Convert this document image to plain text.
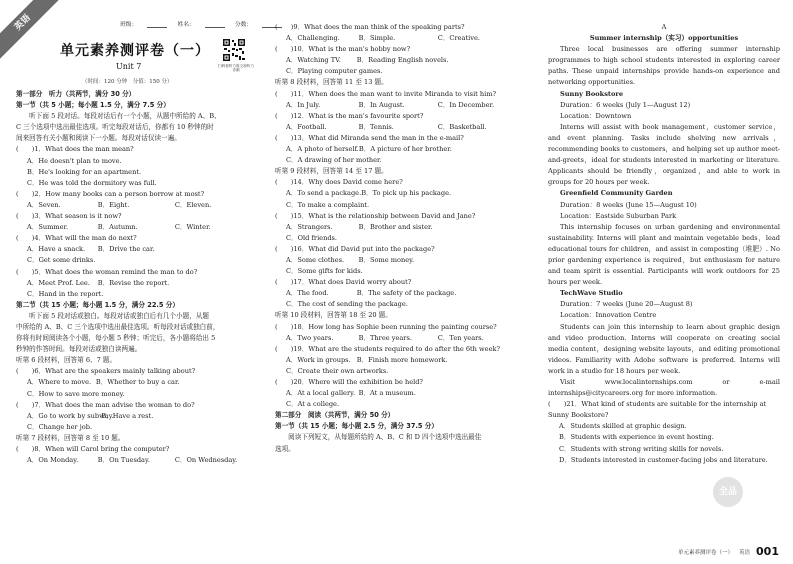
英语	班级：	姓名：	分数：
单元素养测评卷（一）
Unit 7
（时间：120 分钟　分值：150 分）
扫码看听力原文和听力音频
第一部分　听力（共两节，满分 30 分）
第一节（共 5 小题；每小题 1.5 分，满分 7.5 分）
　　听下面 5 段对话。每段对话后有一个小题，从题中所给的 A、B、
C 三个选项中选出最佳选项。听完每段对话后，你都有 10 秒钟的时
间来回答有关小题和阅读下一小题。每段对话仅读一遍。
(　　)1．What does the man mean?
A．He doesn't plan to move.
B．He's looking for an apartment.
C．He was told the dormitory was full.
(　　)2．How many books can a person borrow at most?
A．Seven.	B．Eight.	C．Eleven.
(　　)3．What season is it now?
A．Summer.	B．Autumn.	C．Winter.
(　　)4．What will the man do next?
A．Have a snack.	B．Drive the car.
C．Get some drinks.
(　　)5．What does the woman remind the man to do?
A．Meet Prof. Lee.	B．Revise the report.
C．Hand in the report.
第二节（共 15 小题；每小题 1.5 分，满分 22.5 分）
　　听下面 5 段对话或独白。每段对话或独白后有几个小题，从题
中所给的 A、B、C 三个选项中选出最佳选项。听每段对话或独白前，
你将有时间阅读各个小题，每小题 5 秒钟；听完后，各小题将给出 5
秒钟的作答时间。每段对话或独白读两遍。
听第 6 段材料，回答第 6、7 题。
(　　)6．What are the speakers mainly talking about?
A．Where to move. B．Whether to buy a car.
C．How to save more money.
(　　)7．What does the man advise the woman to do?
A．Go to work by subway.
B．Have a rest.
C．Change her job.
听第 7 段材料，回答第 8 至 10 题。
(　　)8．When will Carol bring the computer?
A．On Monday.	B．On Tuesday.	C．On Wednesday.
(　　)9．What does the man think of the speaking parts?
A．Challenging.	B．Simple.	C．Creative.
(　　)10．What is the man's hobby now?
A．Watching TV.	B．Reading English novels.
C．Playing computer games.
听第 8 段材料，回答第 11 至 13 题。
(　　)11．When does the man want to invite Miranda to visit him?
A．In July.	B．In August.	C．In December.
(　　)12．What is the man's favourite sport?
A．Football.	B．Tennis.	C．Basketball.
(　　)13．What did Miranda send the man in the e-mail?
A．A photo of herself. B．A picture of her brother.
C．A drawing of her mother.
听第 9 段材料，回答第 14 至 17 题。
(　　)14．Why does David come here?
A．To send a package. B．To pick up his package.
C．To make a complaint.
(　　)15．What is the relationship between David and Jane?
A．Strangers.	B．Brother and sister.
C．Old friends.
(　　)16．What did David put into the package?
A．Some clothes.	B．Some money.
C．Some gifts for kids.
(　　)17．What does David worry about?
A．The food.	B．The safety of the package.
C．The cost of sending the package.
听第 10 段材料，回答第 18 至 20 题。
(　　)18．How long has Sophie been running the painting course?
A．Two years.	B．Three years.	C．Ten years.
(　　)19．What are the students required to do after the 6th week?
A．Work in groups. B．Finish more homework.
C．Create their own artworks.
(　　)20．Where will the exhibition be held?
A．At a local gallery. B．At a museum.
C．At a college.
第二部分　阅读（共两节，满分 50 分）
第一节（共 15 小题；每小题 2.5 分，满分 37.5 分）
　　阅读下列短文，从每题所给的 A、B、C 和 D 四个选项中选出最佳
选项。
A
Summer internship（实习）opportunities
Three local businesses are offering summer internship programmes to high school students interested in exploring career paths. These unpaid internships provide hands-on experience and networking opportunities.
Sunny Bookstore
Duration：6 weeks (July 1—August 12)
Location：Downtown
Interns will assist with book management，customer service，and event planning. Tasks include shelving new arrivals，recommending books to customers，and helping set up author meet-and-greets，ideal for students interested in marketing or literature. Applicants should be friendly，organized，and able to work in groups for 20 hours per week.
Greenfield Community Garden
Duration：8 weeks (June 15—August 10)
Location：Eastside Suburban Park
This internship focuses on urban gardening and environmental sustainability. Interns will plant and maintain vegetable beds，lead educational tours for children，and assist in composting（堆肥）. No prior gardening experience is required，but enthusiasm for nature and team spirit is essential. Participants will work outdoors for 25 hours per week.
TechWave Studio
Duration：7 weeks (June 20—August 8)
Location：Innovation Centre
Students can join this internship to learn about graphic design and video production. Interns will cooperate on creating social media content，designing website layouts，and editing promotional videos. Familiarity with Adobe software is preferred. Interns will work in a studio for 18 hours per week.
Visit www.localinternships.com or e-mail internships@citycareers.org for more information.
(　　)21．What kind of students are suitable for the internship at Sunny Bookstore?
A．Students skilled at graphic design.
B．Students with experience in event hosting.
C．Students with strong writing skills for novels.
D．Students interested in customer-facing jobs and literature.
全品
单元素养测评卷（一） 英语 001
